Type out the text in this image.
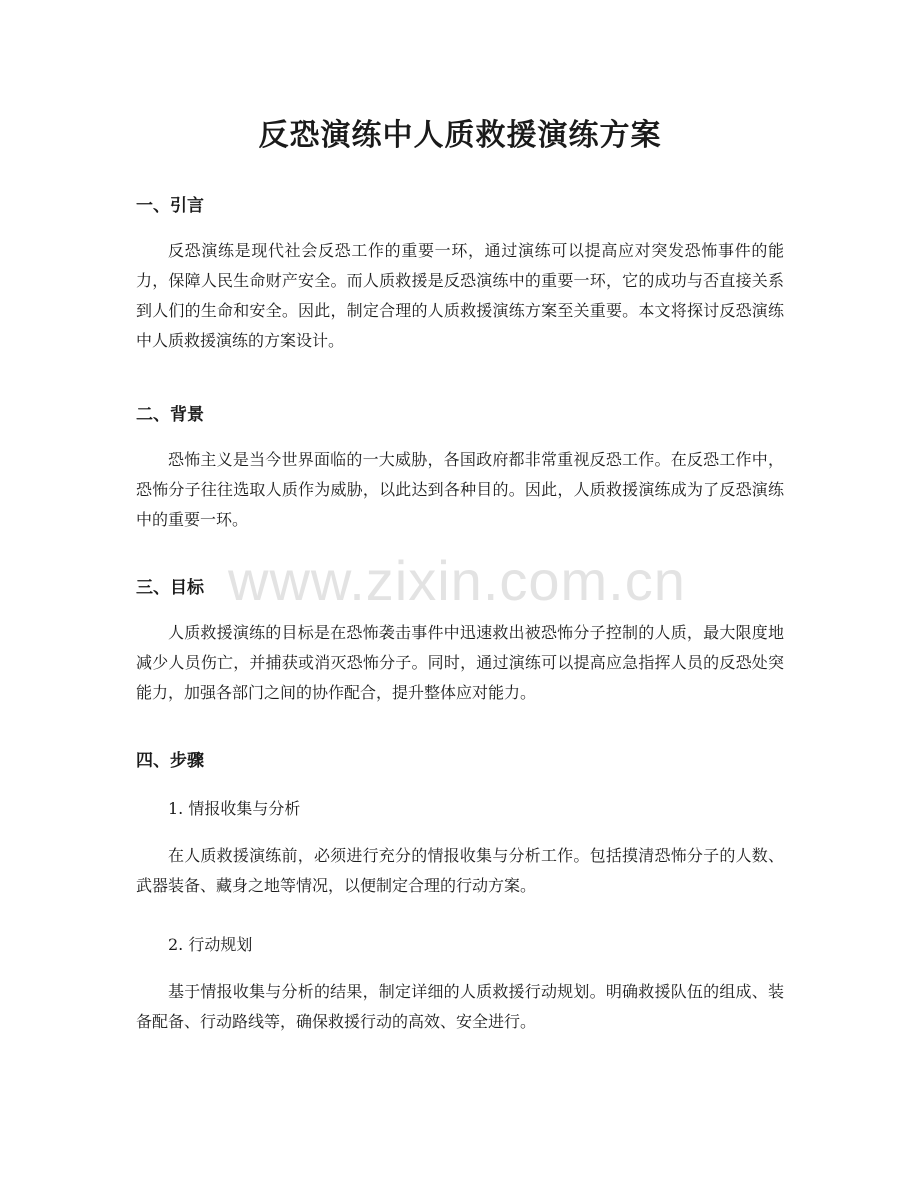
www.zixin.com.cn
反恐演练中人质救援演练方案
一、引言

反恐演练是现代社会反恐工作的重要一环，通过演练可以提高应对突发恐怖事件的能力，保障人民生命财产安全。而人质救援是反恐演练中的重要一环，它的成功与否直接关系到人们的生命和安全。因此，制定合理的人质救援演练方案至关重要。本文将探讨反恐演练中人质救援演练的方案设计。

二、背景

恐怖主义是当今世界面临的一大威胁，各国政府都非常重视反恐工作。在反恐工作中，恐怖分子往往选取人质作为威胁，以此达到各种目的。因此，人质救援演练成为了反恐演练中的重要一环。

三、目标

人质救援演练的目标是在恐怖袭击事件中迅速救出被恐怖分子控制的人质，最大限度地减少人员伤亡，并捕获或消灭恐怖分子。同时，通过演练可以提高应急指挥人员的反恐处突能力，加强各部门之间的协作配合，提升整体应对能力。

四、步骤

1. 情报收集与分析

在人质救援演练前，必须进行充分的情报收集与分析工作。包括摸清恐怖分子的人数、武器装备、藏身之地等情况，以便制定合理的行动方案。

2. 行动规划

基于情报收集与分析的结果，制定详细的人质救援行动规划。明确救援队伍的组成、装备配备、行动路线等，确保救援行动的高效、安全进行。
